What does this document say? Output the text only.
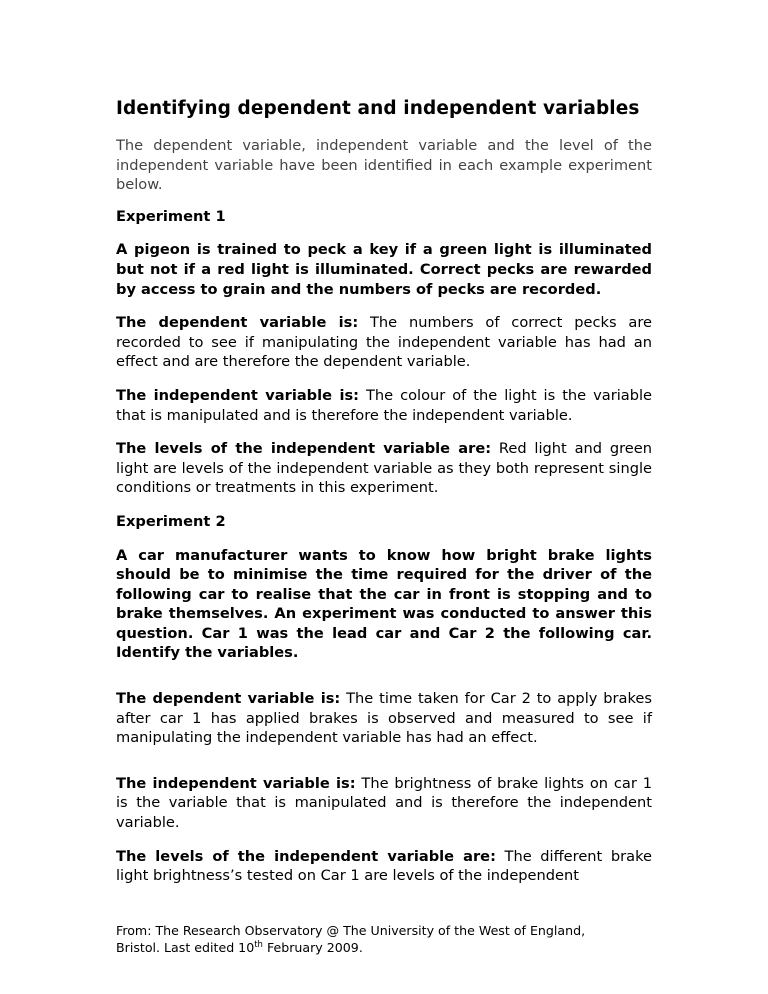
Identifying dependent and independent variables

The dependent variable, independent variable and the level of the independent variable have been identified in each example experiment below.

Experiment 1

A pigeon is trained to peck a key if a green light is illuminated but not if a red light is illuminated. Correct pecks are rewarded by access to grain and the numbers of pecks are recorded.

The dependent variable is: The numbers of correct pecks are recorded to see if manipulating the independent variable has had an effect and are therefore the dependent variable.

The independent variable is: The colour of the light is the variable that is manipulated and is therefore the independent variable.

The levels of the independent variable are: Red light and green light are levels of the independent variable as they both represent single conditions or treatments in this experiment.

Experiment 2

A car manufacturer wants to know how bright brake lights should be to minimise the time required for the driver of the following car to realise that the car in front is stopping and to brake themselves. An experiment was conducted to answer this question. Car 1 was the lead car and Car 2 the following car. Identify the variables.

The dependent variable is: The time taken for Car 2 to apply brakes after car 1 has applied brakes is observed and measured to see if manipulating the independent variable has had an effect.

The independent variable is: The brightness of brake lights on car 1 is the variable that is manipulated and is therefore the independent variable.

The levels of the independent variable are: The different brake light brightness’s tested on Car 1 are levels of the independent

From: The Research Observatory @ The University of the West of England,
Bristol. Last edited 10th February 2009.
